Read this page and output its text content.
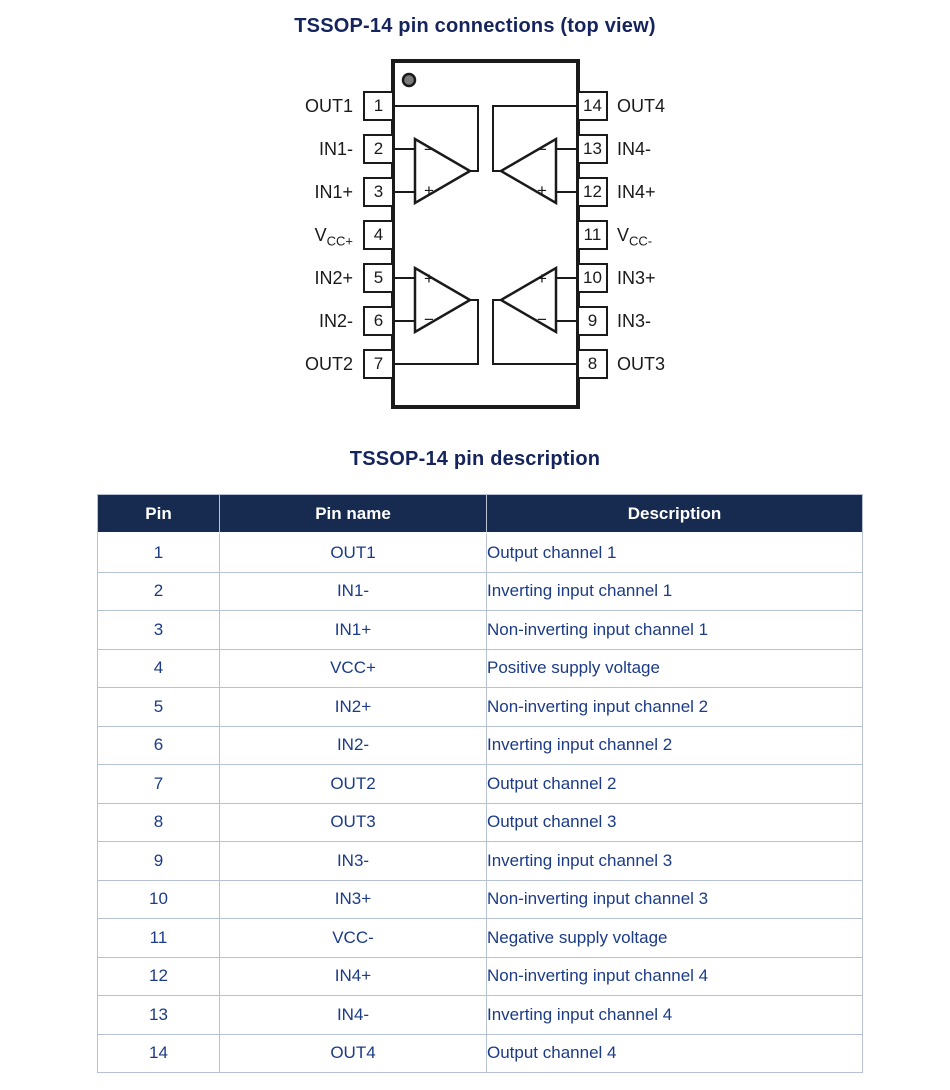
TSSOP-14 pin connections (top view)
−
+
−
+
+
−
+
−
OUT1
IN1-
IN1+
$V_{CC+}$
IN2+
IN2-
OUT2
1
2
3
4
5
6
7
14
13
12
11
10
9
8
OUT4
IN4-
IN4+
$V_{CC-}$
IN3+
IN3-
OUT3
TSSOP-14 pin description
Pin	Pin name	Description
1	OUT1	Output channel 1
2	IN1-	Inverting input channel 1
3	IN1+	Non-inverting input channel 1
4	VCC+	Positive supply voltage
5	IN2+	Non-inverting input channel 2
6	IN2-	Inverting input channel 2
7	OUT2	Output channel 2
8	OUT3	Output channel 3
9	IN3-	Inverting input channel 3
10	IN3+	Non-inverting input channel 3
11	VCC-	Negative supply voltage
12	IN4+	Non-inverting input channel 4
13	IN4-	Inverting input channel 4
14	OUT4	Output channel 4
